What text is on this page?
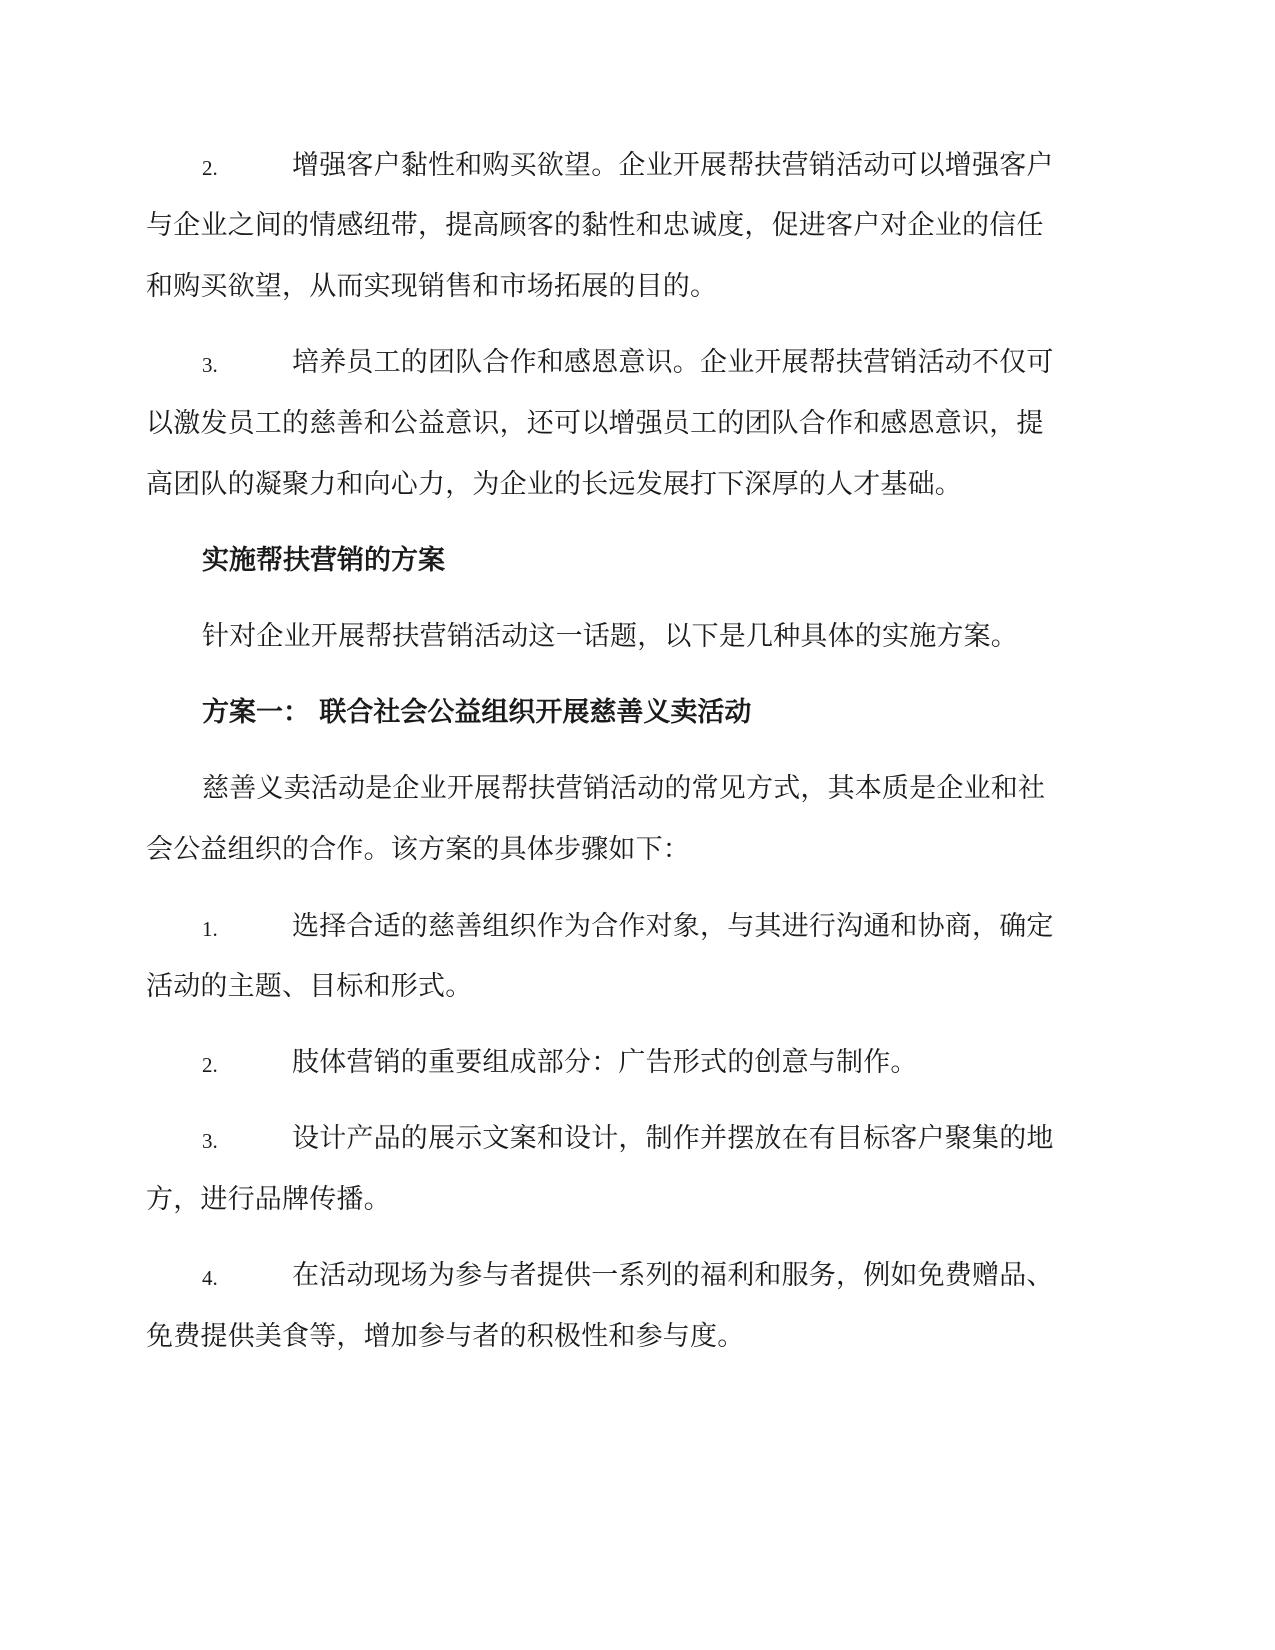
2.	增强客户黏性和购买欲望。企业开展帮扶营销活动可以增强客户
与企业之间的情感纽带，提高顾客的黏性和忠诚度，促进客户对企业的信任
和购买欲望，从而实现销售和市场拓展的目的。
3.	培养员工的团队合作和感恩意识。企业开展帮扶营销活动不仅可
以激发员工的慈善和公益意识，还可以增强员工的团队合作和感恩意识，提
高团队的凝聚力和向心力，为企业的长远发展打下深厚的人才基础。
实施帮扶营销的方案
针对企业开展帮扶营销活动这一话题，以下是几种具体的实施方案。
方案一： 联合社会公益组织开展慈善义卖活动
慈善义卖活动是企业开展帮扶营销活动的常见方式，其本质是企业和社
会公益组织的合作。该方案的具体步骤如下：
1.	选择合适的慈善组织作为合作对象，与其进行沟通和协商，确定
活动的主题、目标和形式。
2.	肢体营销的重要组成部分：广告形式的创意与制作。
3.	设计产品的展示文案和设计，制作并摆放在有目标客户聚集的地
方，进行品牌传播。
4.	在活动现场为参与者提供一系列的福利和服务，例如免费赠品、
免费提供美食等，增加参与者的积极性和参与度。
